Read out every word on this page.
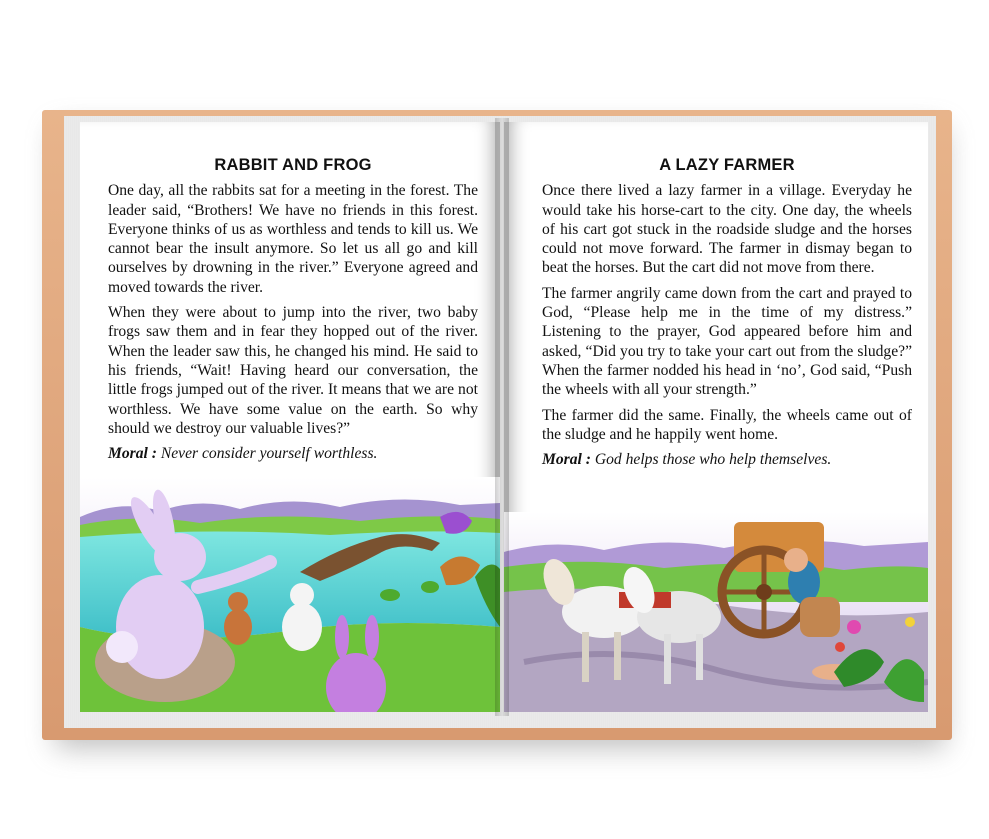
RABBIT AND FROG

One day, all the rabbits sat for a meeting in the forest. The leader said, “Brothers! We have no friends in this forest. Everyone thinks of us as worthless and tends to kill us. We cannot bear the insult anymore. So let us all go and kill ourselves by drowning in the river.” Everyone agreed and moved towards the river.

When they were about to jump into the river, two baby frogs saw them and in fear they hopped out of the river. When the leader saw this, he changed his mind. He said to his friends, “Wait! Having heard our conversation, the little frogs jumped out of the river. It means that we are not worthless. We have some value on the earth. So why should we destroy our valuable lives?”

Moral : Never consider yourself worthless.

A LAZY FARMER

Once there lived a lazy farmer in a village. Everyday he would take his horse-cart to the city. One day, the wheels of his cart got stuck in the roadside sludge and the horses could not move forward. The farmer in dismay began to beat the horses. But the cart did not move from there.

The farmer angrily came down from the cart and prayed to God, “Please help me in the time of my distress.” Listening to the prayer, God appeared before him and asked, “Did you try to take your cart out from the sludge?” When the farmer nodded his head in ‘no’, God said, “Push the wheels with all your strength.”

The farmer did the same. Finally, the wheels came out of the sludge and he happily went home.

Moral : God helps those who help themselves.
